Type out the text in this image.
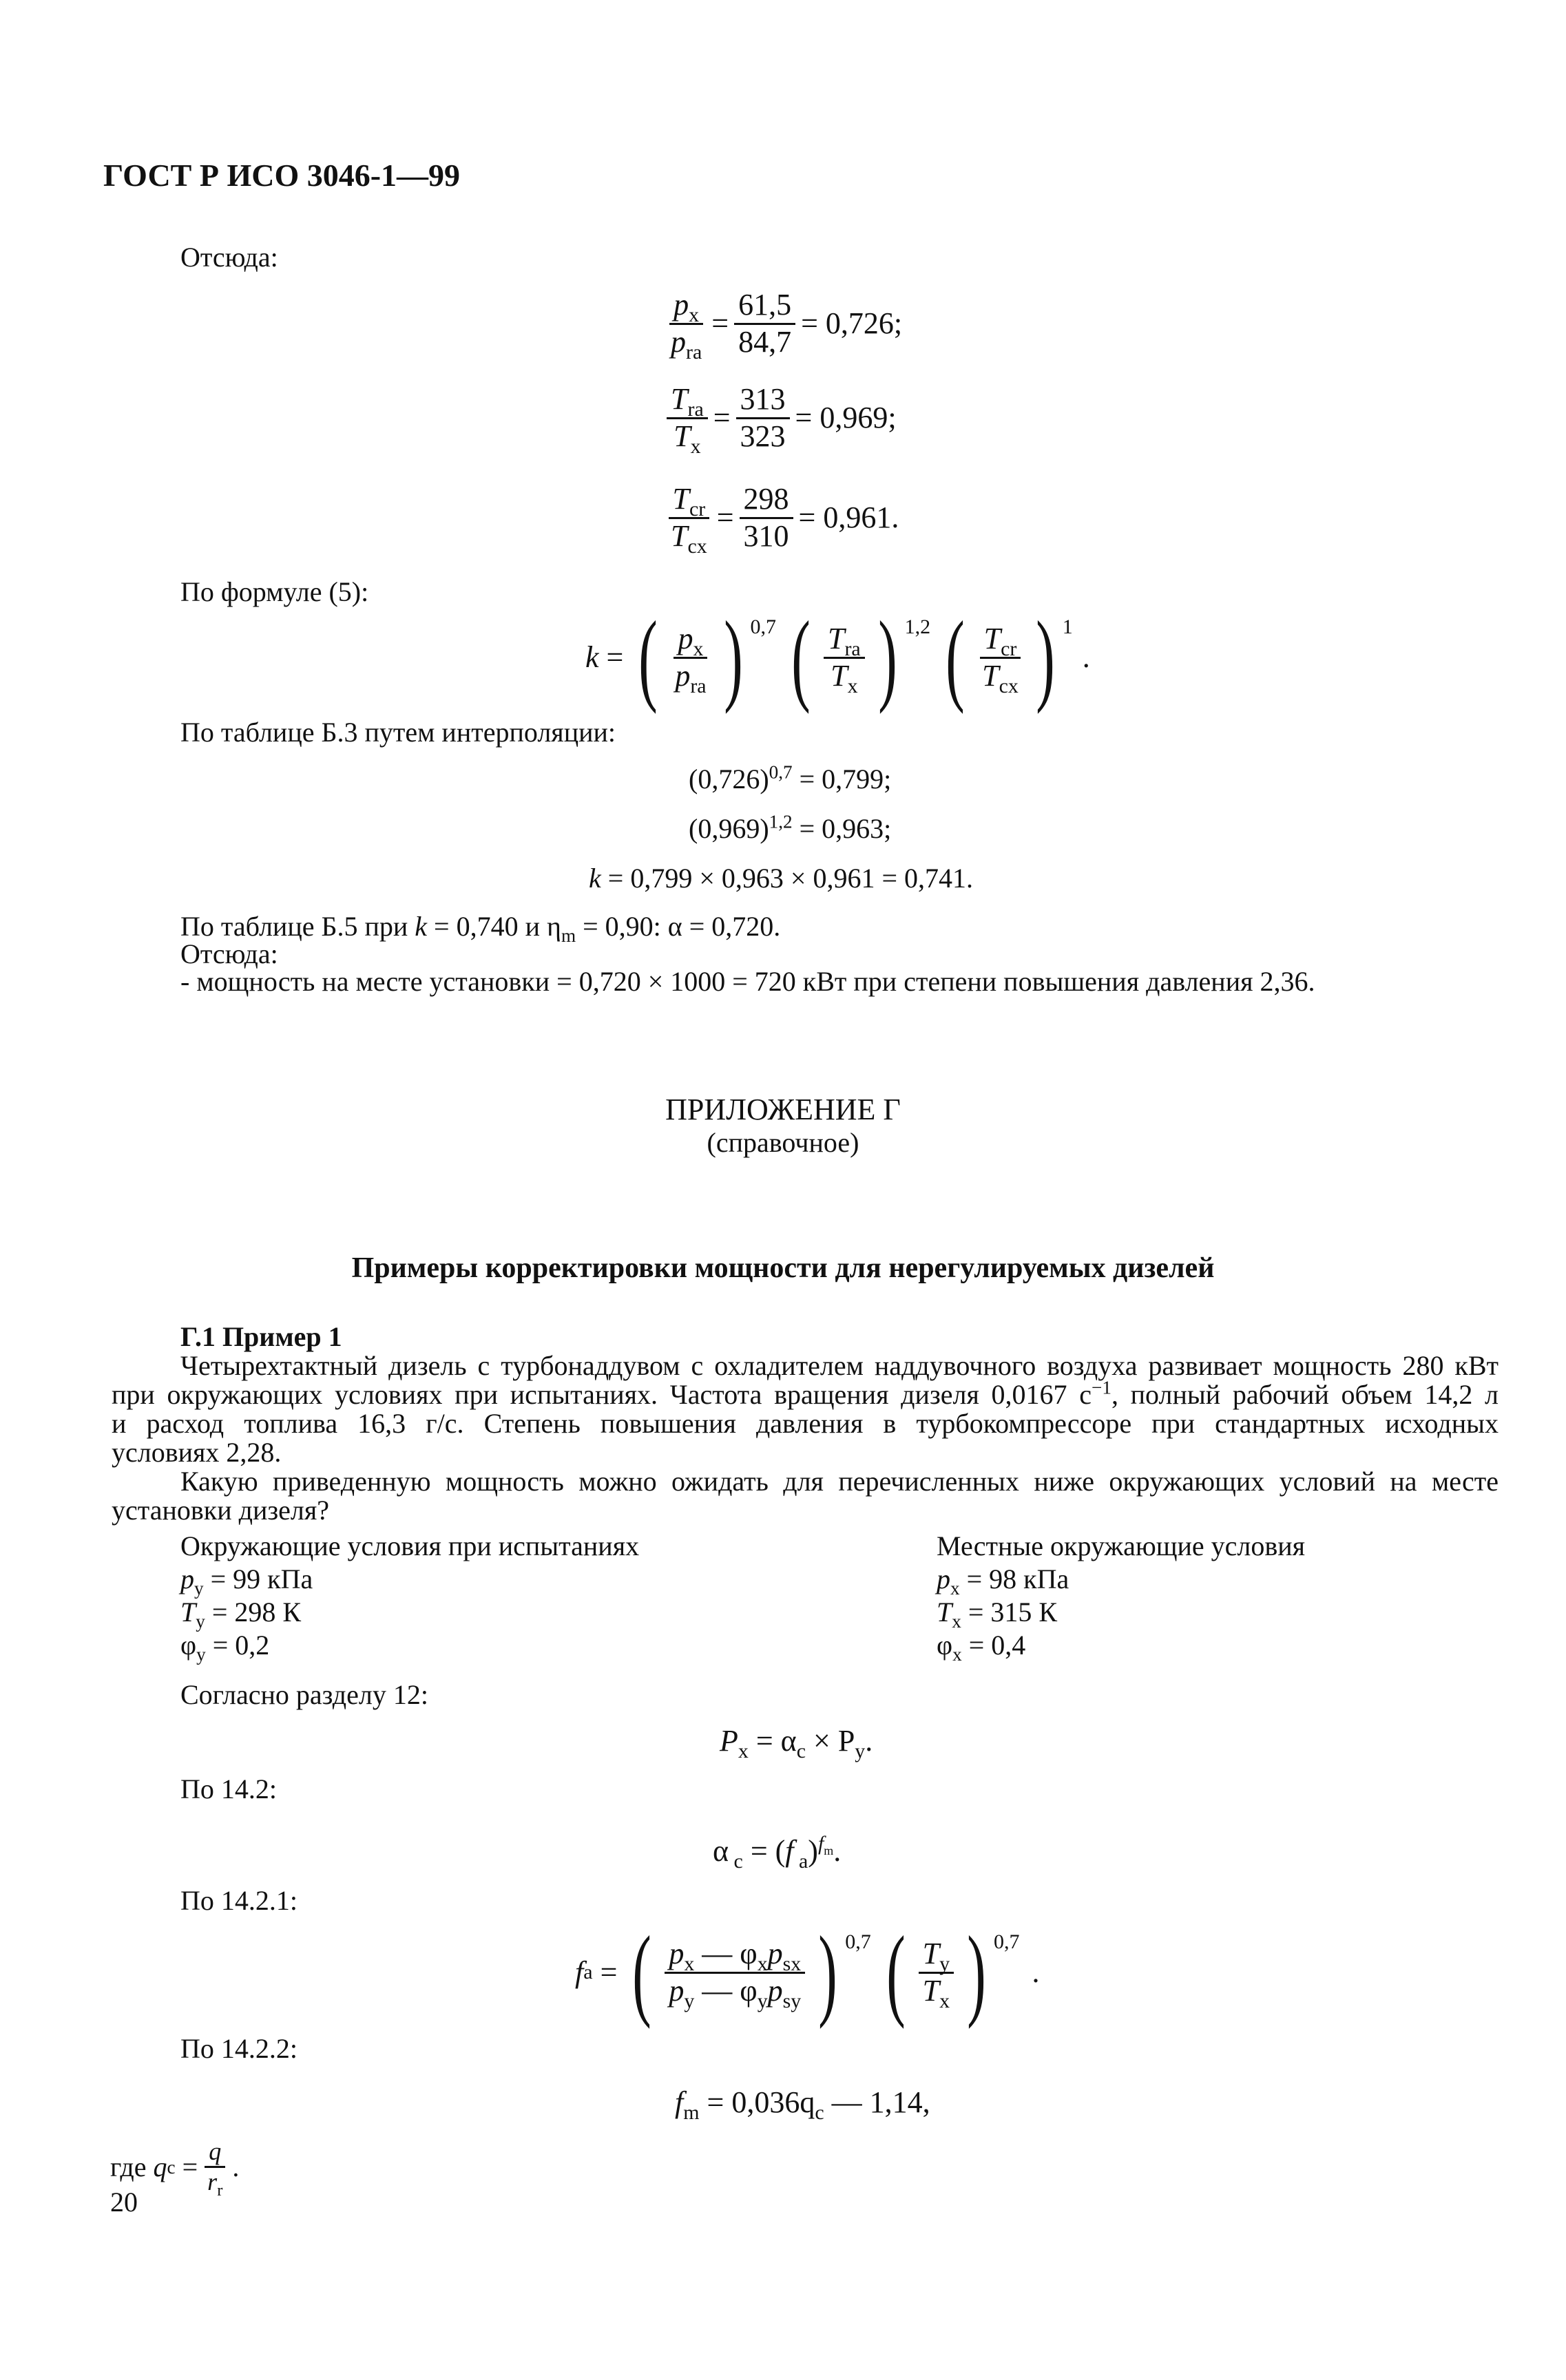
ГОСТ Р ИСО 3046-1—99
Отсюда:
$\frac{p_x}{p_{ra}} = \frac{61,5}{84,7} = 0,726$;
$\frac{T_{ra}}{T_x} = \frac{313}{323} = 0,969$;
$\frac{T_{cr}}{T_{cx}} = \frac{298}{310} = 0,961$.
По формуле (5):
k = ( $\frac{p_x}{p_{ra}}$ ) $^{0,7}$
( $\frac{T_{ra}}{T_x}$ ) $^{1,2}$
( $\frac{T_{cr}}{T_{cx}}$ ) $^1$
.
По таблице Б.3 путем интерполяции:
$(0,726)^{0,7} = 0,799$;
$(0,969)^{1,2} = 0,963$;
k = 0,799 × 0,963 × 0,961 = 0,741.
По таблице Б.5 при k = 0,740 и $\eta_m = 0,90$: α = 0,720.
Отсюда:
- мощность на месте установки = 0,720 × 1000 = 720 кВт при степени повышения давления 2,36.
ПРИЛОЖЕНИЕ Г
(справочное)
Примеры корректировки мощности для нерегулируемых дизелей
Г.1 Пример 1
Четырехтактный дизель с турбонаддувом с охладителем наддувочного воздуха развивает мощность 280 кВт
при окружающих условиях при испытаниях. Частота вращения дизеля 0,0167 $с^{-1}$, полный рабочий объем 14,2 л
и расход топлива 16,3 г/с. Степень повышения давления в турбокомпрессоре при стандартных исходных
условиях 2,28.
Какую приведенную мощность можно ожидать для перечисленных ниже окружающих условий на месте
установки дизеля?
Окружающие условия при испытаниях
$p_y = 99$ кПа
$T_y = 298$ К
$\varphi_y = 0,2$
Местные окружающие условия
$p_x = 98$ кПа
$T_x = 315$ К
$\varphi_x = 0,4$
Согласно разделу 12:
$P_x = \alpha_c \times P_y$.
По 14.2:
α $_c$ = (f $_a$)$^{f_m}$.
По 14.2.1:
f a = ( $\frac{p_x — \varphi_xp_{sx}}{p_y — \varphi_yp_{sy}}$ ) $^{0,7}$
( $\frac{T_y}{T_x}$ ) $^{0,7}$
.
По 14.2.2:
$f_m = 0,036q_c$ — 1,14,
где
q $c = \frac{q}{r_r}$ .
20
